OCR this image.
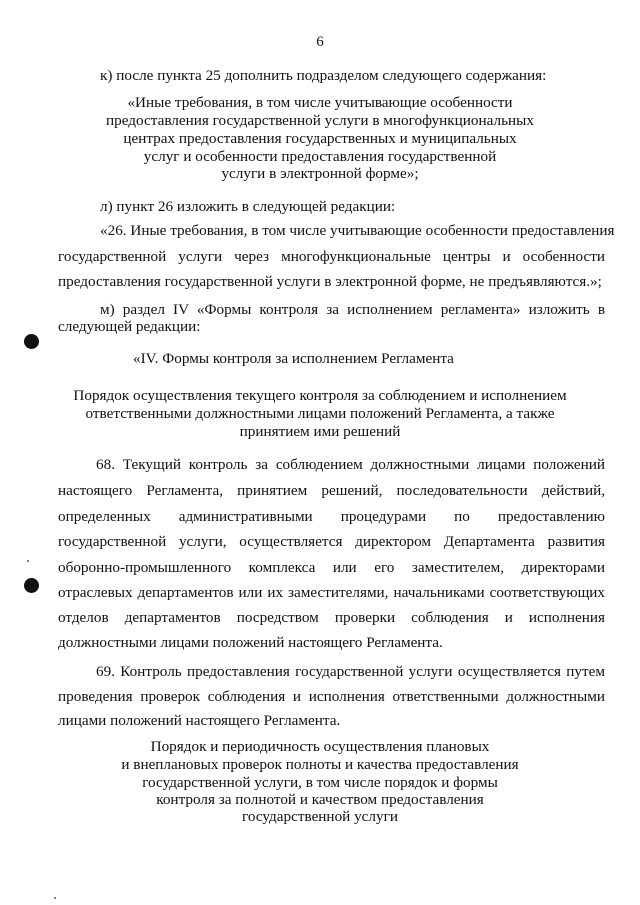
6
к) после пункта 25 дополнить подразделом следующего содержания:
«Иные требования, в том числе учитывающие особенности
предоставления государственной услуги в многофункциональных
центрах предоставления государственных и муниципальных
услуг и особенности предоставления государственной
услуги в электронной форме»;
л) пункт 26 изложить в следующей редакции:
«26. Иные требования, в том числе учитывающие особенности предоставления
государственной услуги через многофункциональные центры и особенности
предоставления государственной услуги в электронной форме, не предъявляются.»;
м) раздел IV «Формы контроля за исполнением регламента» изложить в
следующей редакции:
«IV. Формы контроля за исполнением Регламента
Порядок осуществления текущего контроля за соблюдением и исполнением
ответственными должностными лицами положений Регламента, а также
принятием ими решений
68. Текущий контроль за соблюдением должностными лицами положений
настоящего Регламента, принятием решений, последовательности действий,
определенных административными процедурами по предоставлению
государственной услуги, осуществляется директором Департамента развития
оборонно-промышленного комплекса или его заместителем, директорами
отраслевых департаментов или их заместителями, начальниками соответствующих
отделов департаментов посредством проверки соблюдения и исполнения
должностными лицами положений настоящего Регламента.
69. Контроль предоставления государственной услуги осуществляется путем
проведения проверок соблюдения и исполнения ответственными должностными
лицами положений настоящего Регламента.
Порядок и периодичность осуществления плановых
и внеплановых проверок полноты и качества предоставления
государственной услуги, в том числе порядок и формы
контроля за полнотой и качеством предоставления
государственной услуги
